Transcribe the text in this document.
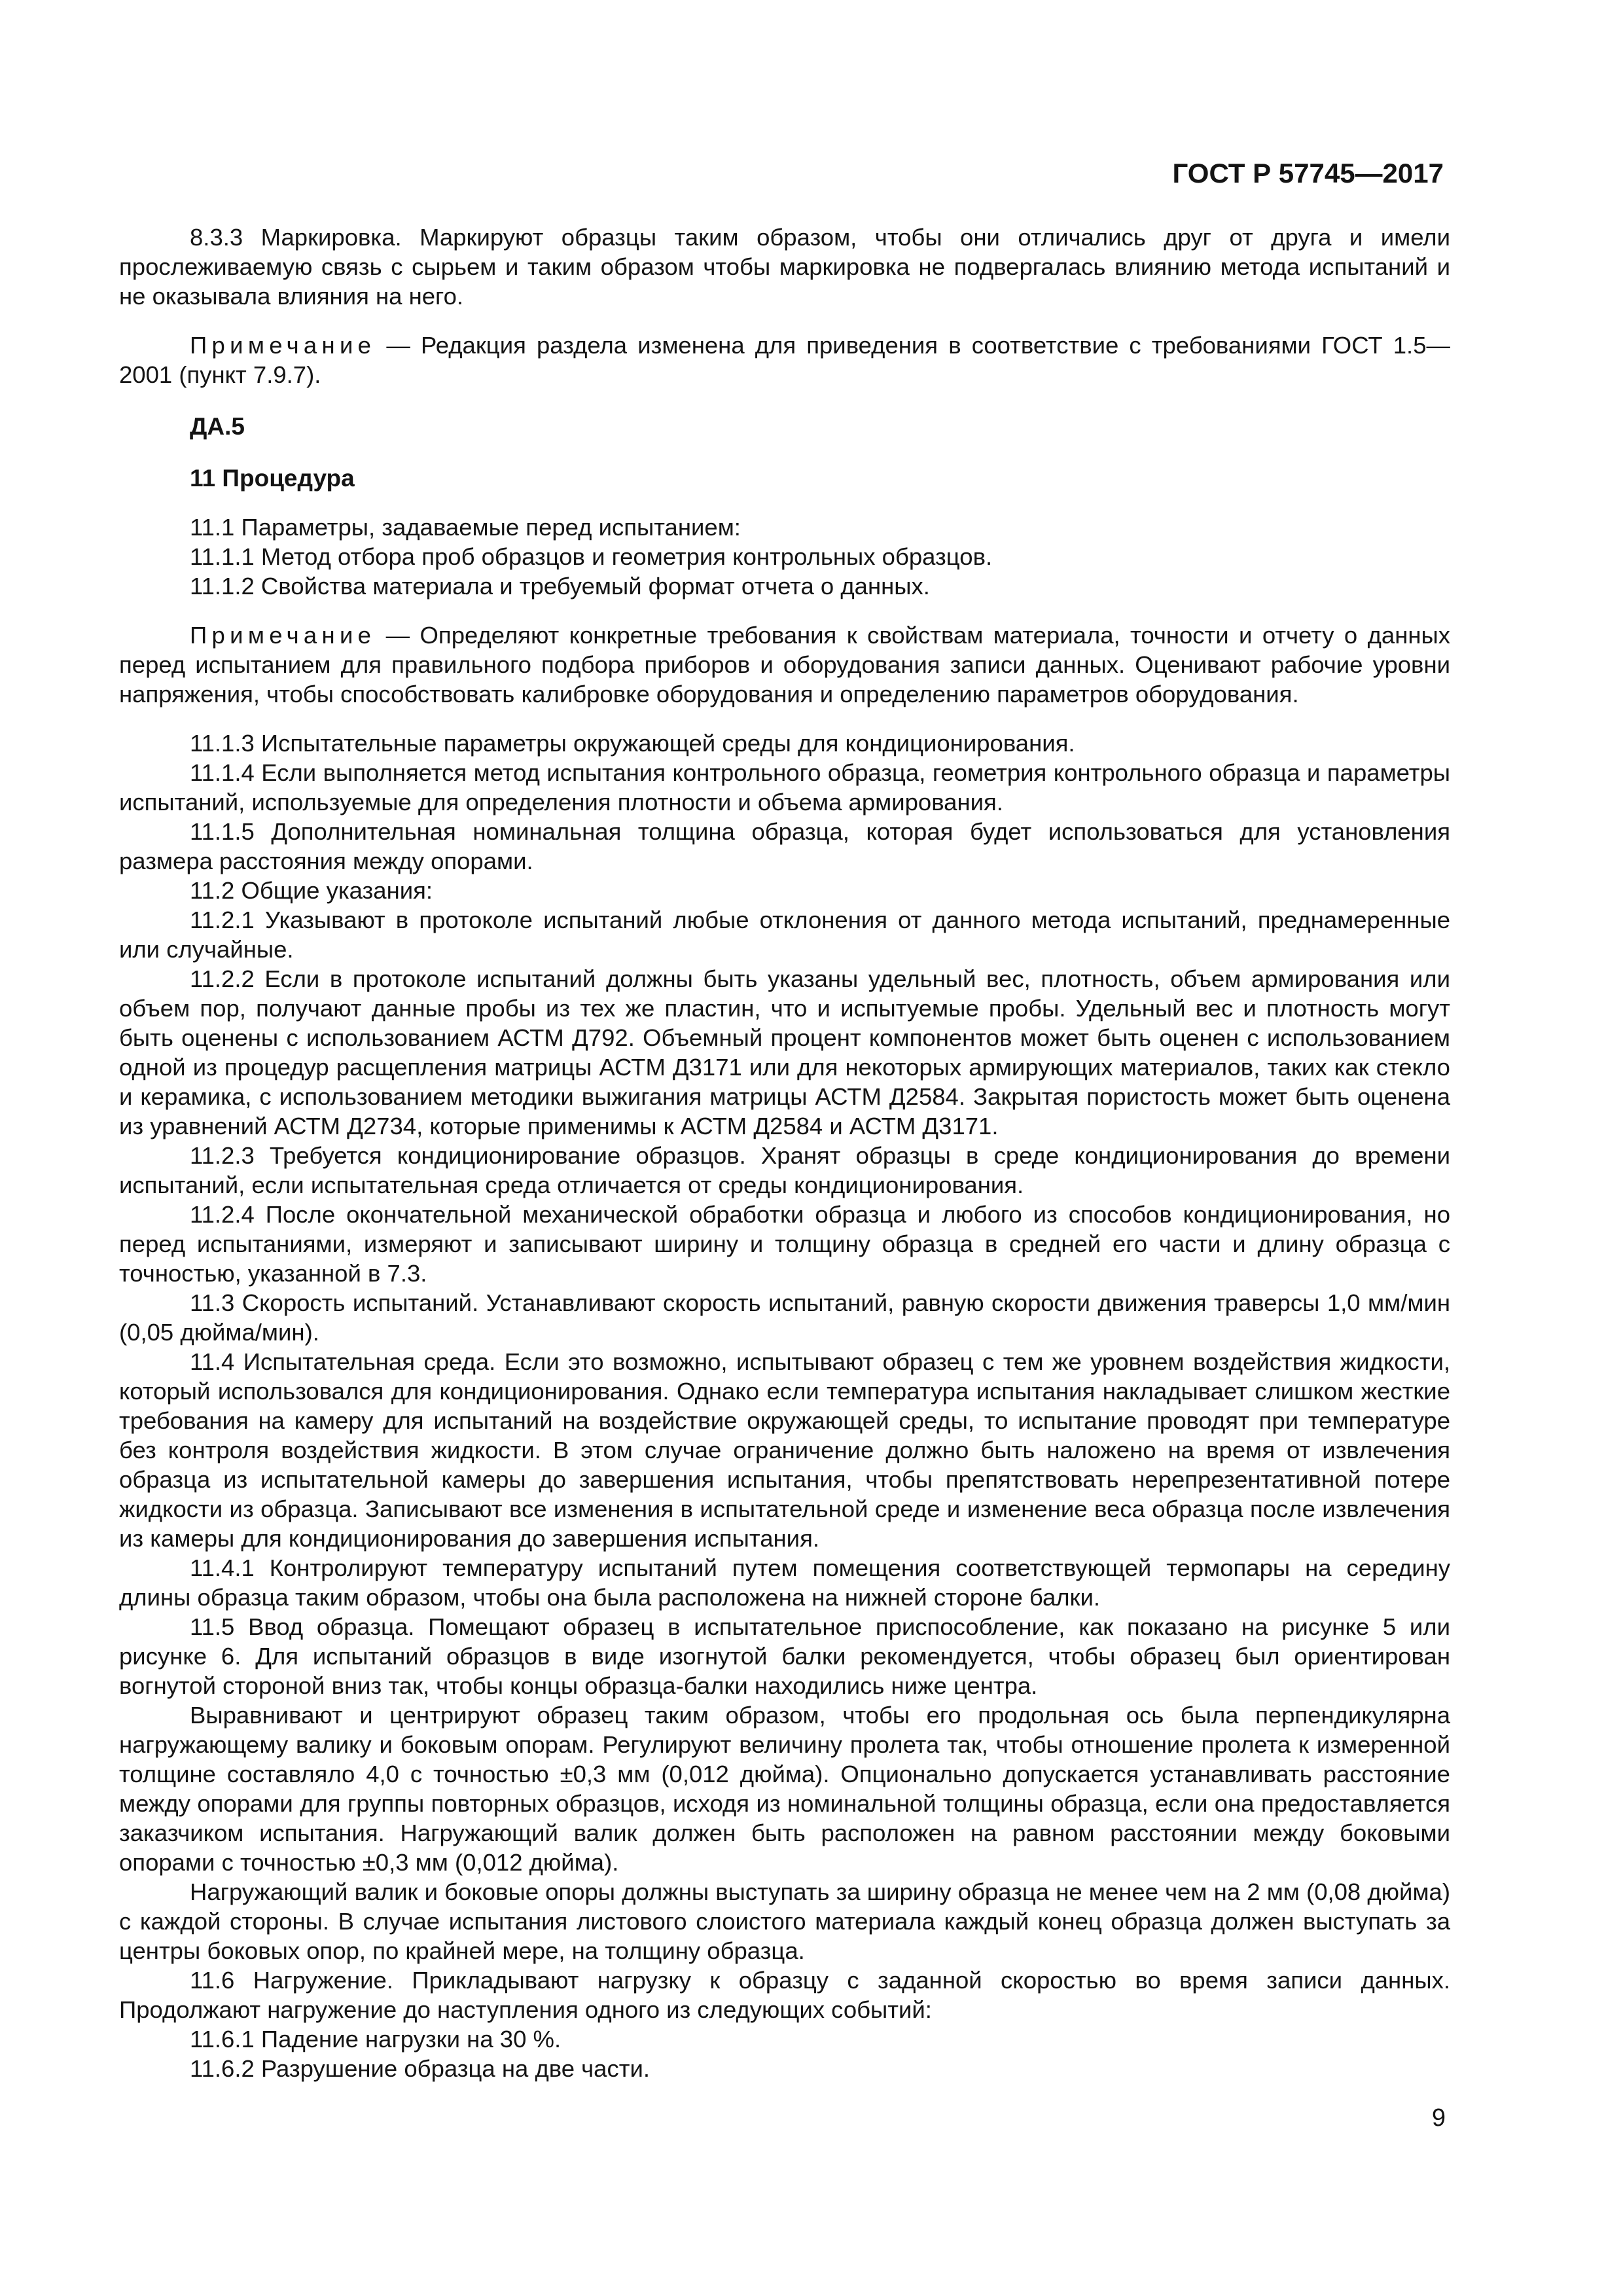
ГОСТ Р 57745—2017

8.3.3 Маркировка. Маркируют образцы таким образом, чтобы они отличались друг от друга и имели прослеживаемую связь с сырьем и таким образом чтобы маркировка не подвергалась влиянию метода испытаний и не оказывала влияния на него.

Примечание — Редакция раздела изменена для приведения в соответствие с требованиями ГОСТ 1.5—2001 (пункт 7.9.7).

ДА.5

11 Процедура

11.1 Параметры, задаваемые перед испытанием:

11.1.1 Метод отбора проб образцов и геометрия контрольных образцов.

11.1.2 Свойства материала и требуемый формат отчета о данных.

Примечание — Определяют конкретные требования к свойствам материала, точности и отчету о данных перед испытанием для правильного подбора приборов и оборудования записи данных. Оценивают рабочие уровни напряжения, чтобы способствовать калибровке оборудования и определению параметров оборудования.

11.1.3 Испытательные параметры окружающей среды для кондиционирования.

11.1.4 Если выполняется метод испытания контрольного образца, геометрия контрольного образца и параметры испытаний, используемые для определения плотности и объема армирования.

11.1.5 Дополнительная номинальная толщина образца, которая будет использоваться для установления размера расстояния между опорами.

11.2 Общие указания:

11.2.1 Указывают в протоколе испытаний любые отклонения от данного метода испытаний, преднамеренные или случайные.

11.2.2 Если в протоколе испытаний должны быть указаны удельный вес, плотность, объем армирования или объем пор, получают данные пробы из тех же пластин, что и испытуемые пробы. Удельный вес и плотность могут быть оценены с использованием АСТМ Д792. Объемный процент компонентов может быть оценен с использованием одной из процедур расщепления матрицы АСТМ Д3171 или для некоторых армирующих материалов, таких как стекло и керамика, с использованием методики выжигания матрицы АСТМ Д2584. Закрытая пористость может быть оценена из уравнений АСТМ Д2734, которые применимы к АСТМ Д2584 и АСТМ Д3171.

11.2.3 Требуется кондиционирование образцов. Хранят образцы в среде кондиционирования до времени испытаний, если испытательная среда отличается от среды кондиционирования.

11.2.4 После окончательной механической обработки образца и любого из способов кондиционирования, но перед испытаниями, измеряют и записывают ширину и толщину образца в средней его части и длину образца с точностью, указанной в 7.3.

11.3 Скорость испытаний. Устанавливают скорость испытаний, равную скорости движения траверсы 1,0 мм/мин (0,05 дюйма/мин).

11.4 Испытательная среда. Если это возможно, испытывают образец с тем же уровнем воздействия жидкости, который использовался для кондиционирования. Однако если температура испытания накладывает слишком жесткие требования на камеру для испытаний на воздействие окружающей среды, то испытание проводят при температуре без контроля воздействия жидкости. В этом случае ограничение должно быть наложено на время от извлечения образца из испытательной камеры до завершения испытания, чтобы препятствовать нерепрезентативной потере жидкости из образца. Записывают все изменения в испытательной среде и изменение веса образца после извлечения из камеры для кондиционирования до завершения испытания.

11.4.1 Контролируют температуру испытаний путем помещения соответствующей термопары на середину длины образца таким образом, чтобы она была расположена на нижней стороне балки.

11.5 Ввод образца. Помещают образец в испытательное приспособление, как показано на рисунке 5 или рисунке 6. Для испытаний образцов в виде изогнутой балки рекомендуется, чтобы образец был ориентирован вогнутой стороной вниз так, чтобы концы образца-балки находились ниже центра.

Выравнивают и центрируют образец таким образом, чтобы его продольная ось была перпендикулярна нагружающему валику и боковым опорам. Регулируют величину пролета так, чтобы отношение пролета к измеренной толщине составляло 4,0 с точностью ±0,3 мм (0,012 дюйма). Опционально допускается устанавливать расстояние между опорами для группы повторных образцов, исходя из номинальной толщины образца, если она предоставляется заказчиком испытания. Нагружающий валик должен быть расположен на равном расстоянии между боковыми опорами с точностью ±0,3 мм (0,012 дюйма).

Нагружающий валик и боковые опоры должны выступать за ширину образца не менее чем на 2 мм (0,08 дюйма) с каждой стороны. В случае испытания листового слоистого материала каждый конец образца должен выступать за центры боковых опор, по крайней мере, на толщину образца.

11.6 Нагружение. Прикладывают нагрузку к образцу с заданной скоростью во время записи данных. Продолжают нагружение до наступления одного из следующих событий:

11.6.1 Падение нагрузки на 30 %.

11.6.2 Разрушение образца на две части.

9
